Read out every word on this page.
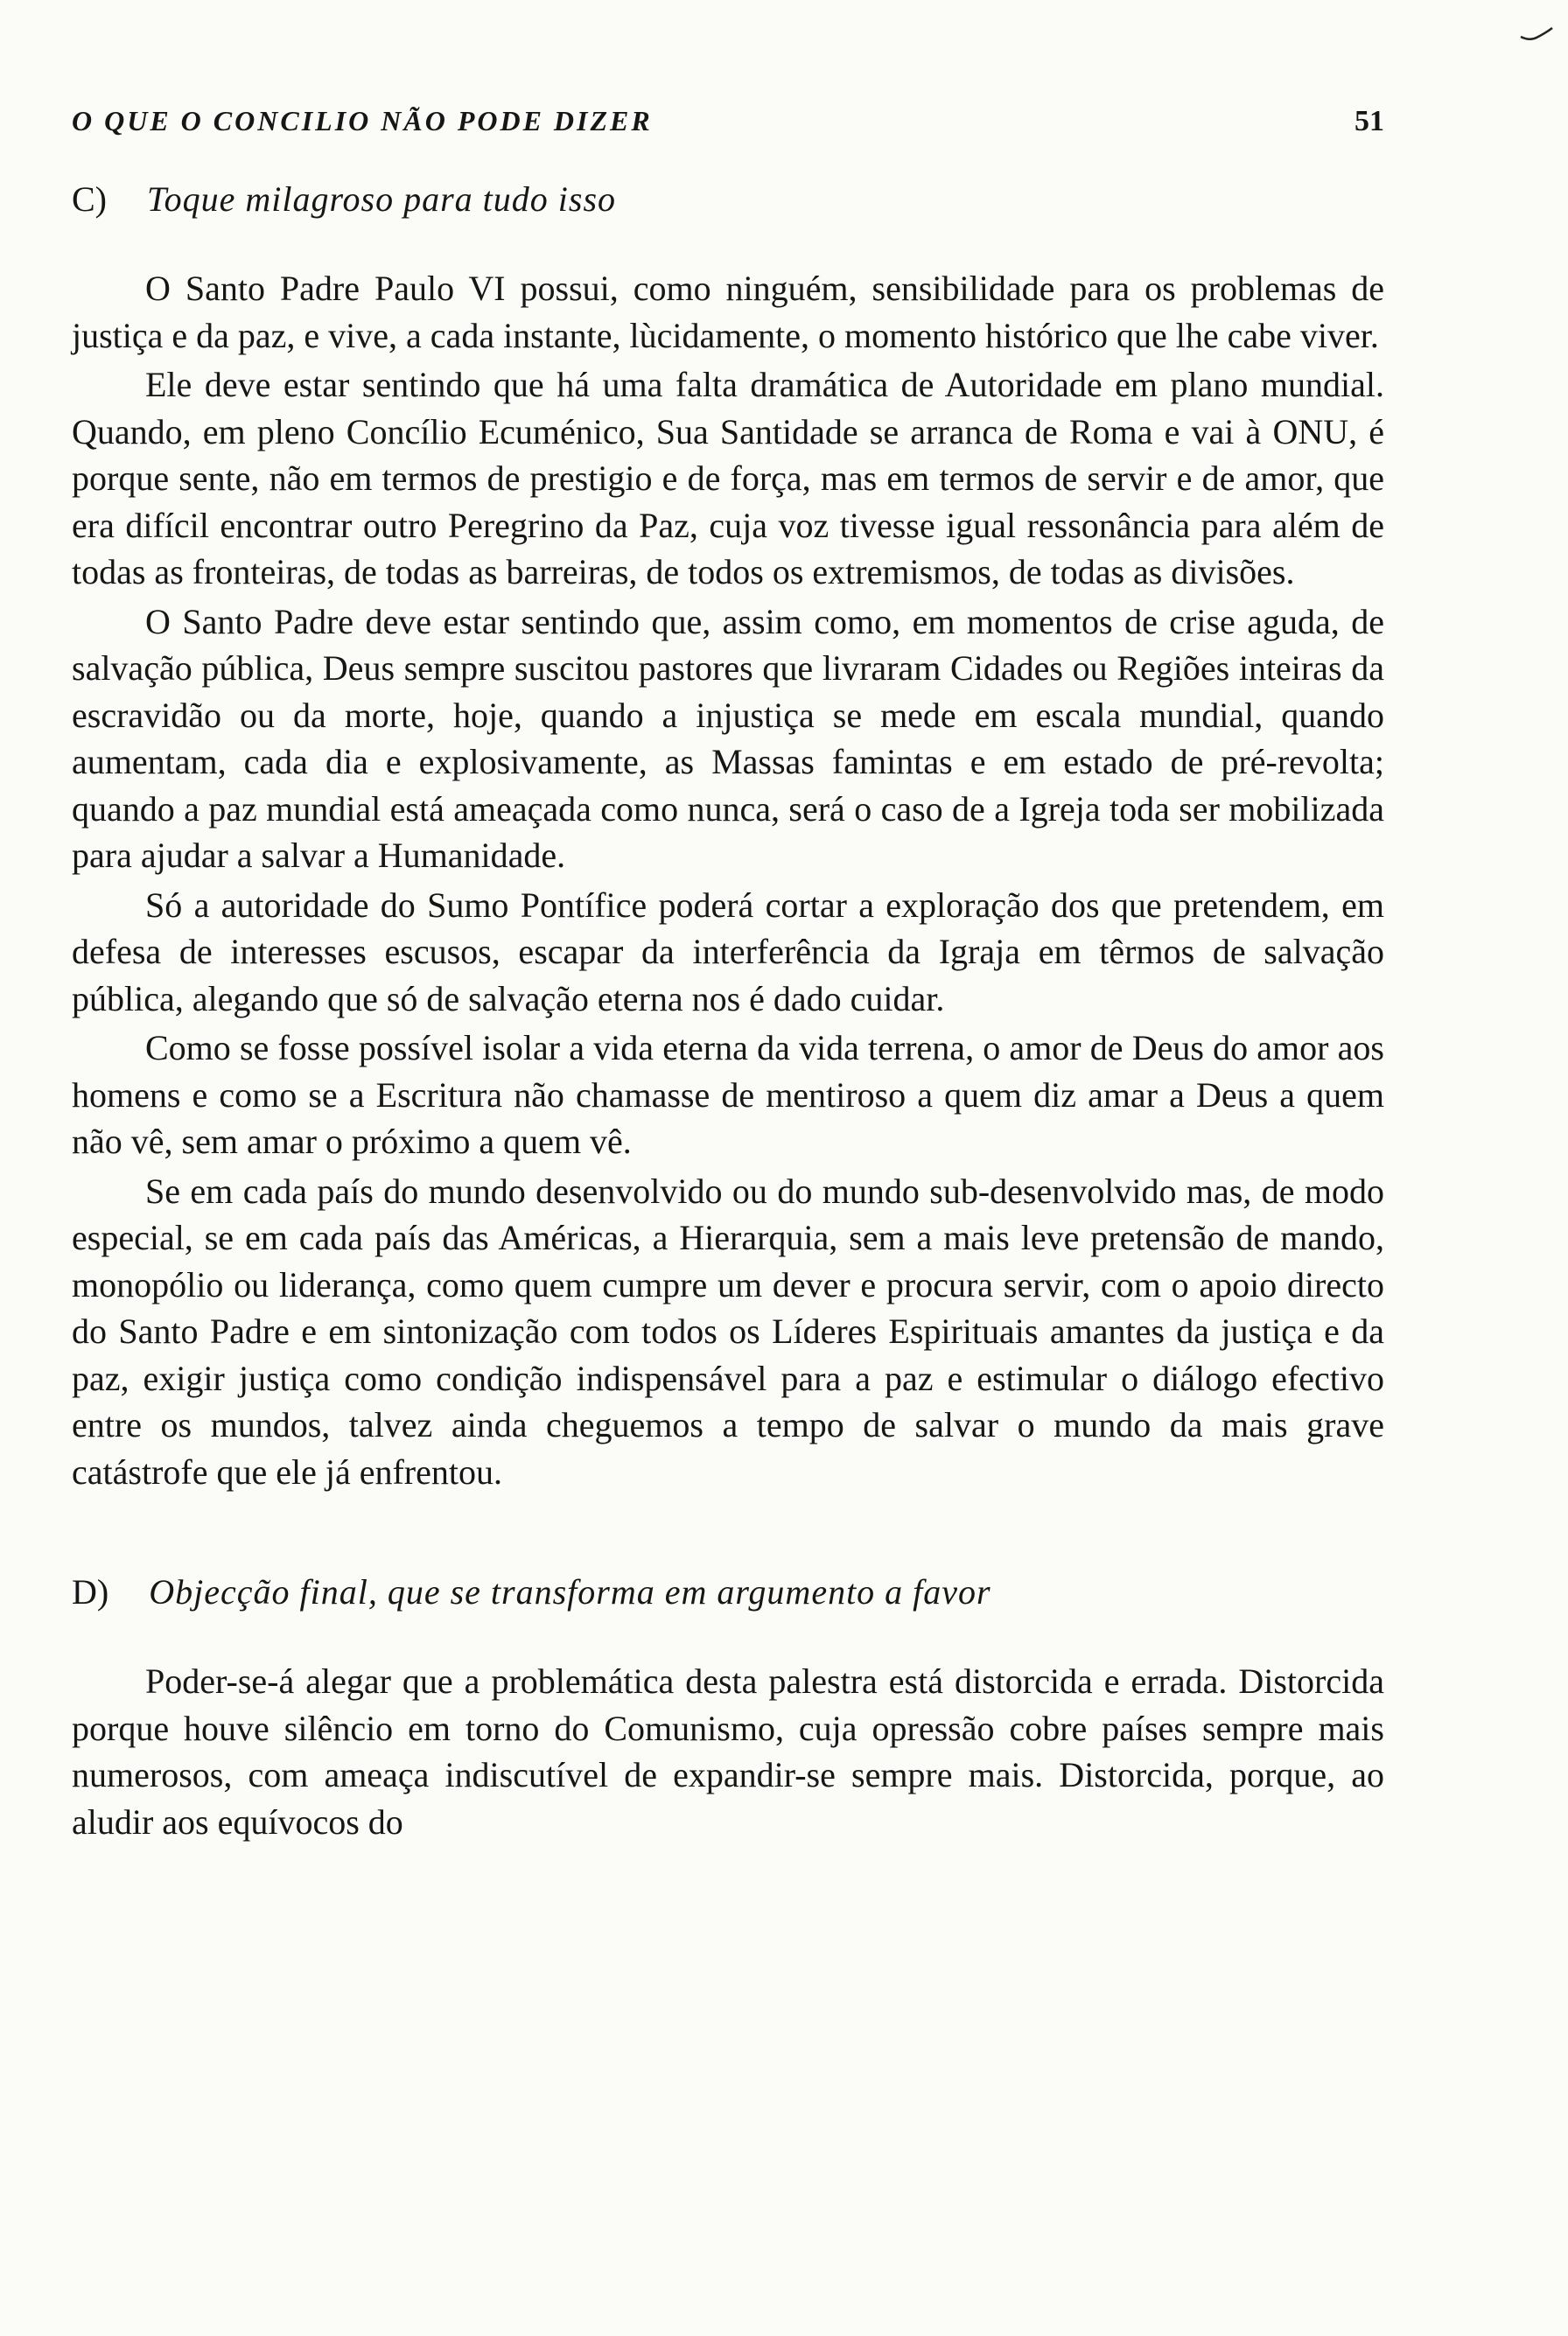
O QUE O CONCILIO NÃO PODE DIZER	51
C) Toque milagroso para tudo isso

O Santo Padre Paulo VI possui, como ninguém, sensibilidade para os problemas de justiça e da paz, e vive, a cada instante, lùcidamente, o momento histórico que lhe cabe viver.

Ele deve estar sentindo que há uma falta dramática de Autoridade em plano mundial. Quando, em pleno Concílio Ecuménico, Sua Santidade se arranca de Roma e vai à ONU, é porque sente, não em termos de prestigio e de força, mas em termos de servir e de amor, que era difícil encontrar outro Peregrino da Paz, cuja voz tivesse igual ressonância para além de todas as fronteiras, de todas as barreiras, de todos os extremismos, de todas as divisões.

O Santo Padre deve estar sentindo que, assim como, em momentos de crise aguda, de salvação pública, Deus sempre suscitou pastores que livraram Cidades ou Regiões inteiras da escravidão ou da morte, hoje, quando a injustiça se mede em escala mundial, quando aumentam, cada dia e explosivamente, as Massas famintas e em estado de pré-revolta; quando a paz mundial está ameaçada como nunca, será o caso de a Igreja toda ser mobilizada para ajudar a salvar a Humanidade.

Só a autoridade do Sumo Pontífice poderá cortar a exploração dos que pretendem, em defesa de interesses escusos, escapar da interferência da Igraja em têrmos de salvação pública, alegando que só de salvação eterna nos é dado cuidar.

Como se fosse possível isolar a vida eterna da vida terrena, o amor de Deus do amor aos homens e como se a Escritura não chamasse de mentiroso a quem diz amar a Deus a quem não vê, sem amar o próximo a quem vê.

Se em cada país do mundo desenvolvido ou do mundo sub-desenvolvido mas, de modo especial, se em cada país das Américas, a Hierarquia, sem a mais leve pretensão de mando, monopólio ou liderança, como quem cumpre um dever e procura servir, com o apoio directo do Santo Padre e em sintonização com todos os Líderes Espirituais amantes da justiça e da paz, exigir justiça como condição indispensável para a paz e estimular o diálogo efectivo entre os mundos, talvez ainda cheguemos a tempo de salvar o mundo da mais grave catástrofe que ele já enfrentou.

D) Objecção final, que se transforma em argumento a favor

Poder-se-á alegar que a problemática desta palestra está distorcida e errada. Distorcida porque houve silêncio em torno do Comunismo, cuja opressão cobre países sempre mais numerosos, com ameaça indiscutível de expandir-se sempre mais. Distorcida, porque, ao aludir aos equívocos do
